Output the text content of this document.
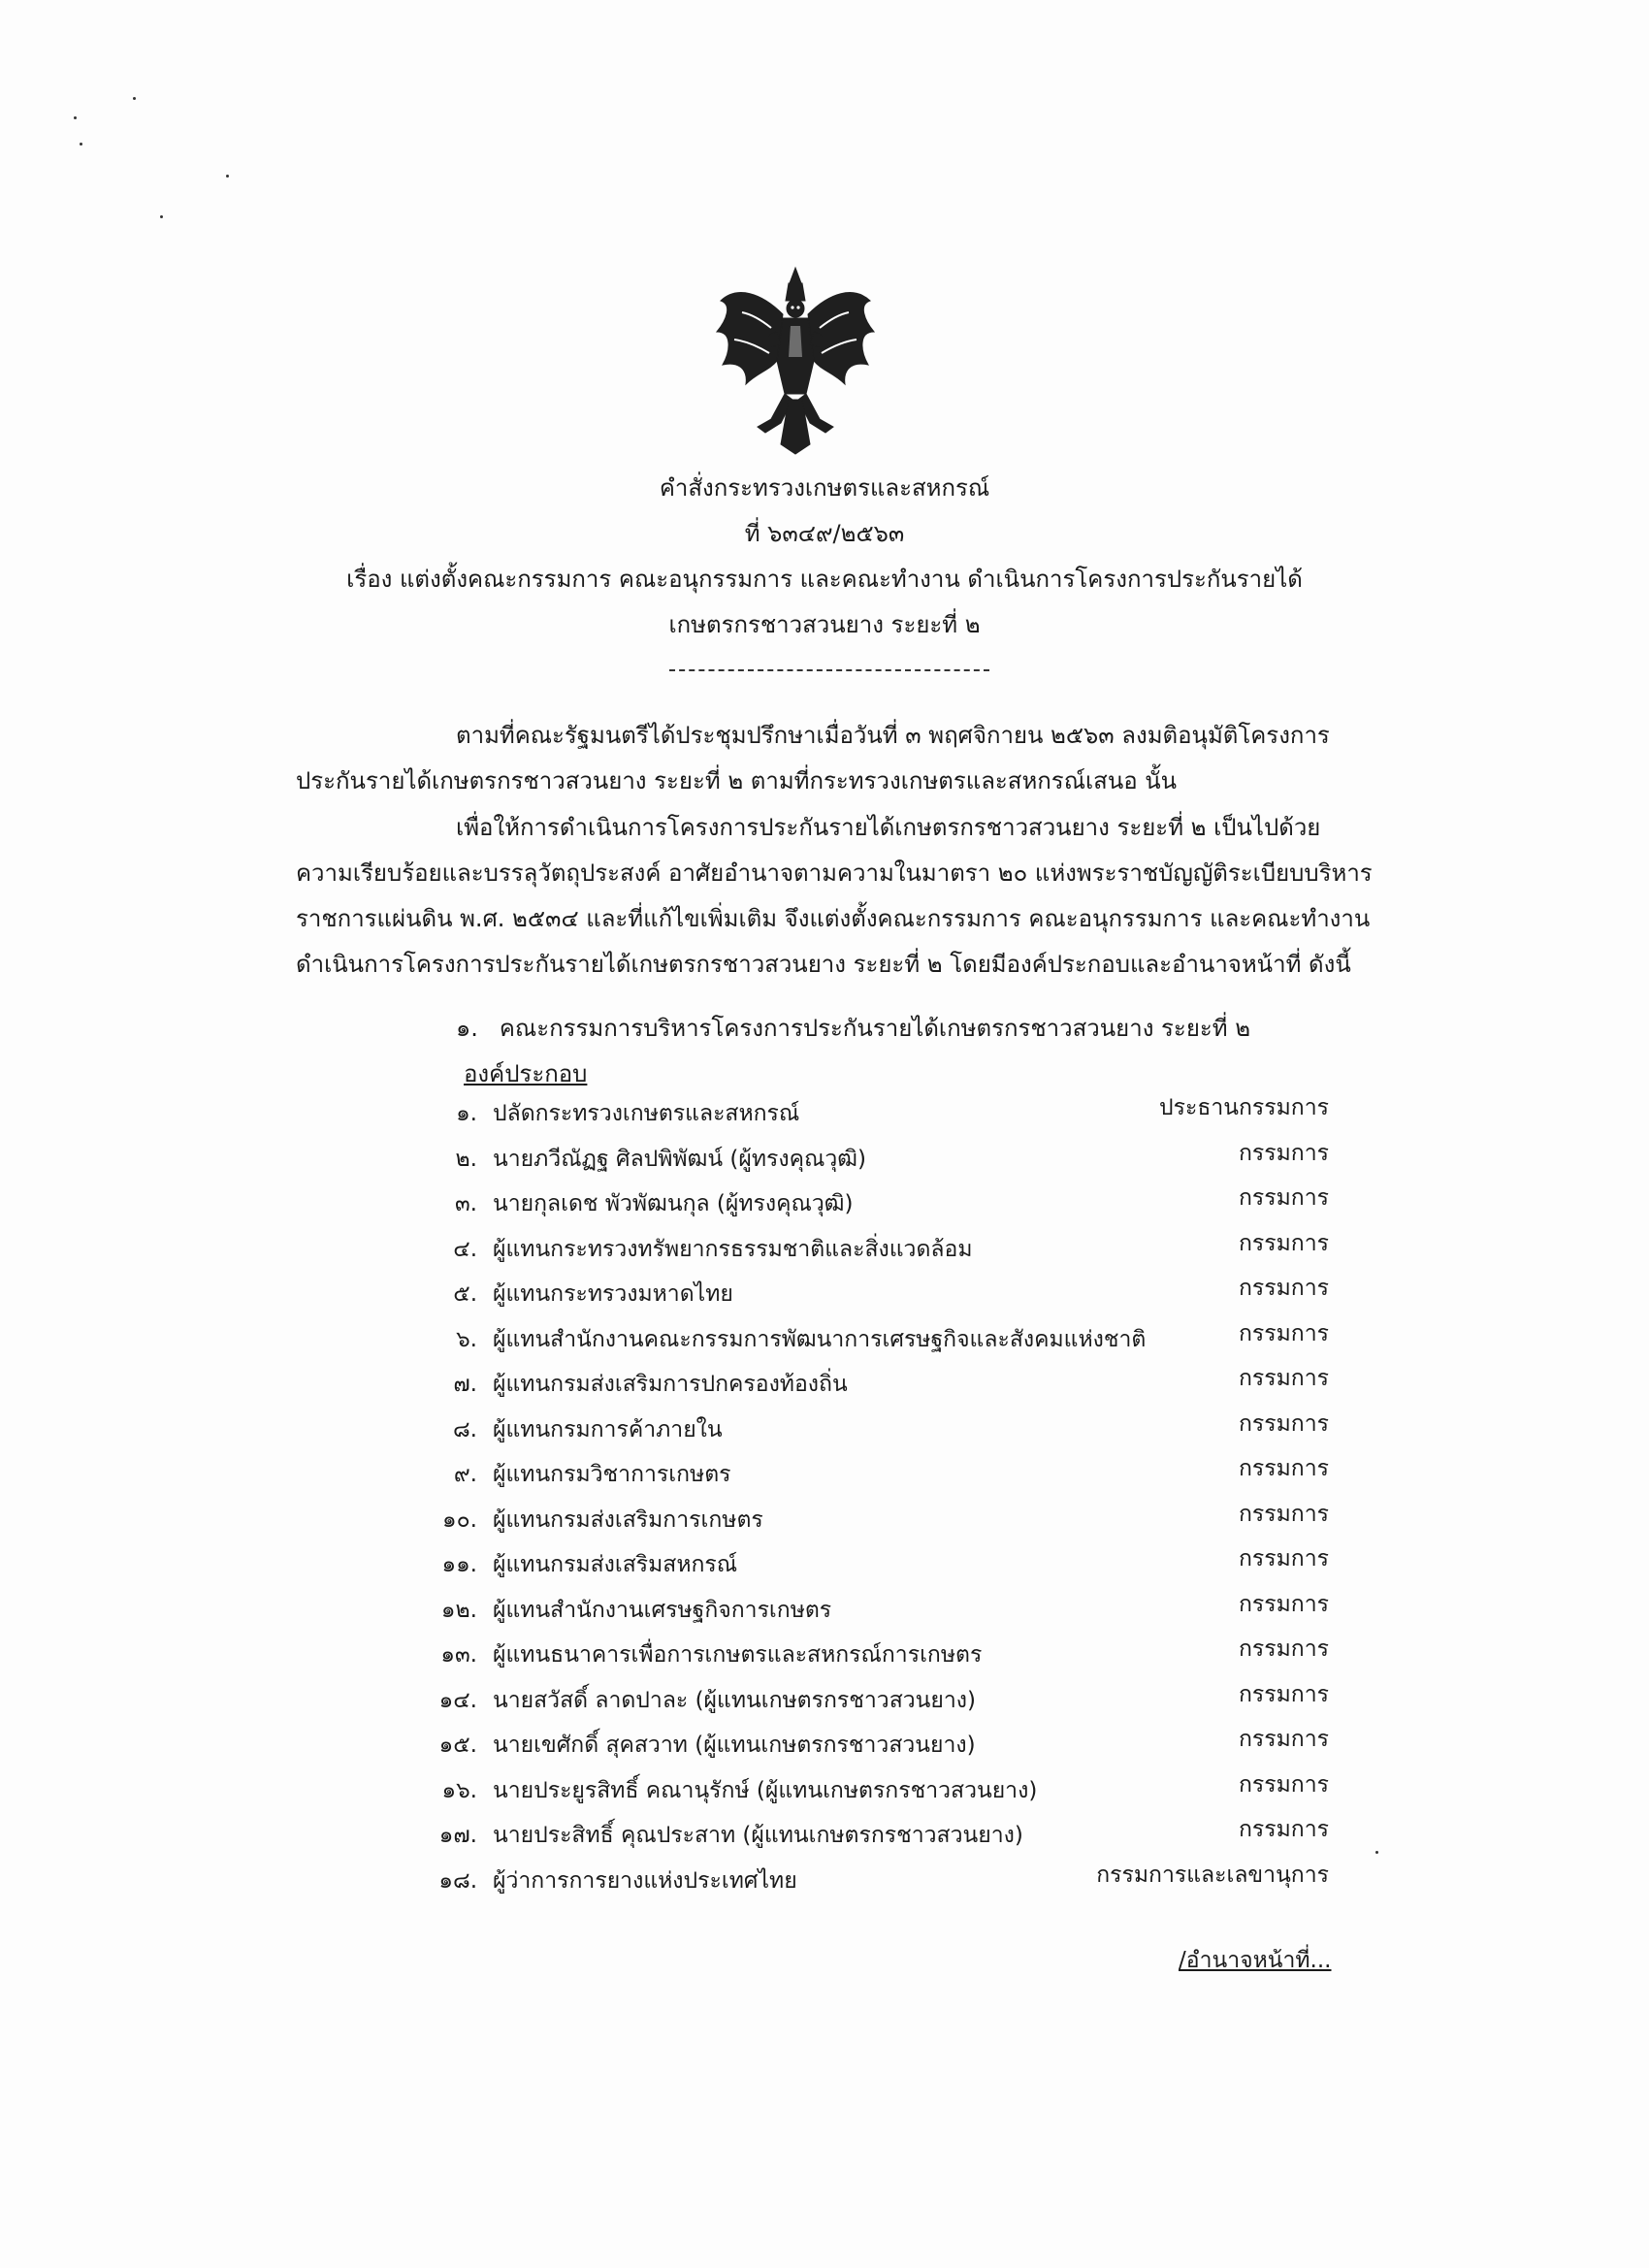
คำสั่งกระทรวงเกษตรและสหกรณ์
ที่ ๖๓๔๙/๒๕๖๓
เรื่อง แต่งตั้งคณะกรรมการ คณะอนุกรรมการ และคณะทำงาน ดำเนินการโครงการประกันรายได้
เกษตรกรชาวสวนยาง ระยะที่ ๒
ตามที่คณะรัฐมนตรีได้ประชุมปรึกษาเมื่อวันที่ ๓ พฤศจิกายน ๒๕๖๓ ลงมติอนุมัติโครงการ
ประกันรายได้เกษตรกรชาวสวนยาง ระยะที่ ๒ ตามที่กระทรวงเกษตรและสหกรณ์เสนอ นั้น
เพื่อให้การดำเนินการโครงการประกันรายได้เกษตรกรชาวสวนยาง ระยะที่ ๒ เป็นไปด้วย
ความเรียบร้อยและบรรลุวัตถุประสงค์ อาศัยอำนาจตามความในมาตรา ๒๐ แห่งพระราชบัญญัติระเบียบบริหาร
ราชการแผ่นดิน พ.ศ. ๒๕๓๔ และที่แก้ไขเพิ่มเติม จึงแต่งตั้งคณะกรรมการ คณะอนุกรรมการ และคณะทำงาน
ดำเนินการโครงการประกันรายได้เกษตรกรชาวสวนยาง ระยะที่ ๒ โดยมีองค์ประกอบและอำนาจหน้าที่ ดังนี้
๑. คณะกรรมการบริหารโครงการประกันรายได้เกษตรกรชาวสวนยาง ระยะที่ ๒
องค์ประกอบ
๑. ปลัดกระทรวงเกษตรและสหกรณ์	ประธานกรรมการ
๒. นายภวีณัฏฐ ศิลปพิพัฒน์ (ผู้ทรงคุณวุฒิ)	กรรมการ
๓. นายกุลเดช พัวพัฒนกุล (ผู้ทรงคุณวุฒิ)	กรรมการ
๔. ผู้แทนกระทรวงทรัพยากรธรรมชาติและสิ่งแวดล้อม	กรรมการ
๕. ผู้แทนกระทรวงมหาดไทย	กรรมการ
๖. ผู้แทนสำนักงานคณะกรรมการพัฒนาการเศรษฐกิจและสังคมแห่งชาติ	กรรมการ
๗. ผู้แทนกรมส่งเสริมการปกครองท้องถิ่น	กรรมการ
๘. ผู้แทนกรมการค้าภายใน	กรรมการ
๙. ผู้แทนกรมวิชาการเกษตร	กรรมการ
๑๐. ผู้แทนกรมส่งเสริมการเกษตร	กรรมการ
๑๑. ผู้แทนกรมส่งเสริมสหกรณ์	กรรมการ
๑๒. ผู้แทนสำนักงานเศรษฐกิจการเกษตร	กรรมการ
๑๓. ผู้แทนธนาคารเพื่อการเกษตรและสหกรณ์การเกษตร	กรรมการ
๑๔. นายสวัสดิ์ ลาดปาละ (ผู้แทนเกษตรกรชาวสวนยาง)	กรรมการ
๑๕. นายเขศักดิ์ สุคสวาท (ผู้แทนเกษตรกรชาวสวนยาง)	กรรมการ
๑๖. นายประยูรสิทธิ์ คณานุรักษ์ (ผู้แทนเกษตรกรชาวสวนยาง)	กรรมการ
๑๗. นายประสิทธิ์ คุณประสาท (ผู้แทนเกษตรกรชาวสวนยาง)	กรรมการ
๑๘. ผู้ว่าการการยางแห่งประเทศไทย	กรรมการและเลขานุการ
/อำนาจหน้าที่...
